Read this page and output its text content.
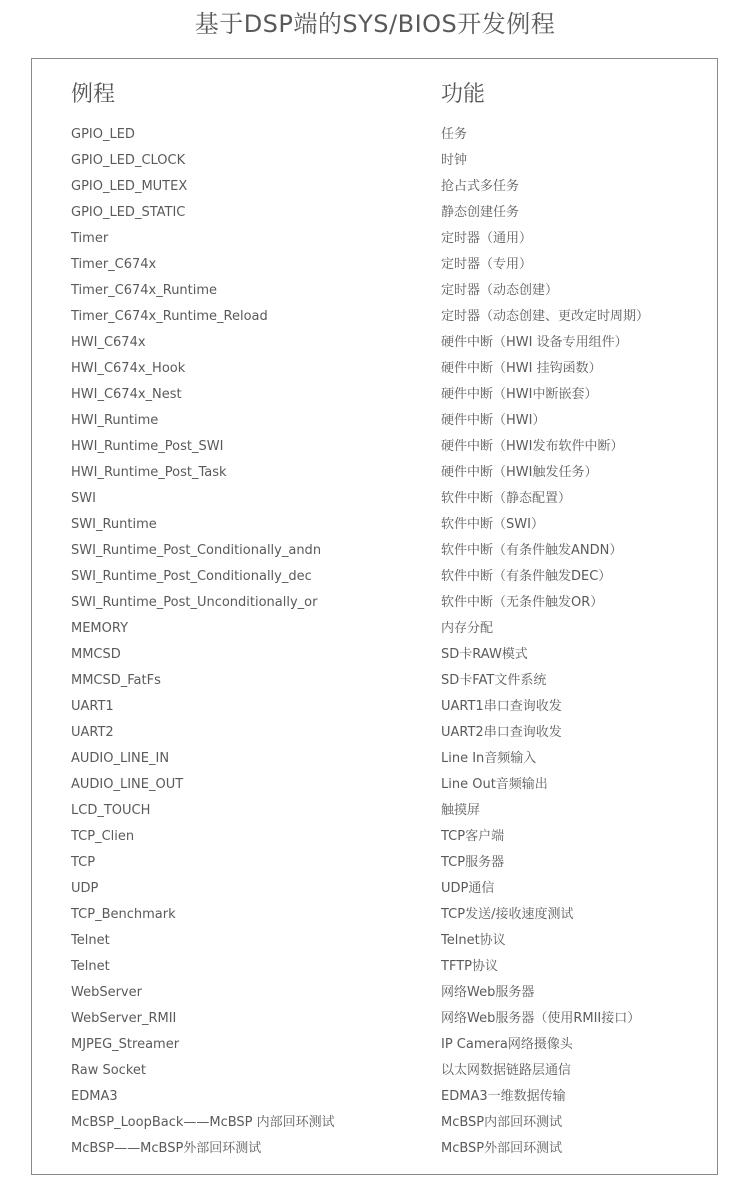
基于DSP端的SYS/BIOS开发例程
例程	功能
GPIO_LED	任务
GPIO_LED_CLOCK	时钟
GPIO_LED_MUTEX	抢占式多任务
GPIO_LED_STATIC	静态创建任务
Timer	定时器（通用）
Timer_C674x	定时器（专用）
Timer_C674x_Runtime	定时器（动态创建）
Timer_C674x_Runtime_Reload	定时器（动态创建、更改定时周期）
HWI_C674x	硬件中断（HWI 设备专用组件）
HWI_C674x_Hook	硬件中断（HWI 挂钩函数）
HWI_C674x_Nest	硬件中断（HWI中断嵌套）
HWI_Runtime	硬件中断（HWI）
HWI_Runtime_Post_SWI	硬件中断（HWI发布软件中断）
HWI_Runtime_Post_Task	硬件中断（HWI触发任务）
SWI	软件中断（静态配置）
SWI_Runtime	软件中断（SWI）
SWI_Runtime_Post_Conditionally_andn	软件中断（有条件触发ANDN）
SWI_Runtime_Post_Conditionally_dec	软件中断（有条件触发DEC）
SWI_Runtime_Post_Unconditionally_or	软件中断（无条件触发OR）
MEMORY	内存分配
MMCSD	SD卡RAW模式
MMCSD_FatFs	SD卡FAT文件系统
UART1	UART1串口查询收发
UART2	UART2串口查询收发
AUDIO_LINE_IN	Line In音频输入
AUDIO_LINE_OUT	Line Out音频输出
LCD_TOUCH	触摸屏
TCP_Clien	TCP客户端
TCP	TCP服务器
UDP	UDP通信
TCP_Benchmark	TCP发送/接收速度测试
Telnet	Telnet协议
Telnet	TFTP协议
WebServer	网络Web服务器
WebServer_RMII	网络Web服务器（使用RMII接口）
MJPEG_Streamer	IP Camera网络摄像头
Raw Socket	以太网数据链路层通信
EDMA3	EDMA3一维数据传输
McBSP_LoopBack——McBSP 内部回环测试	McBSP内部回环测试
McBSP——McBSP外部回环测试	McBSP外部回环测试
